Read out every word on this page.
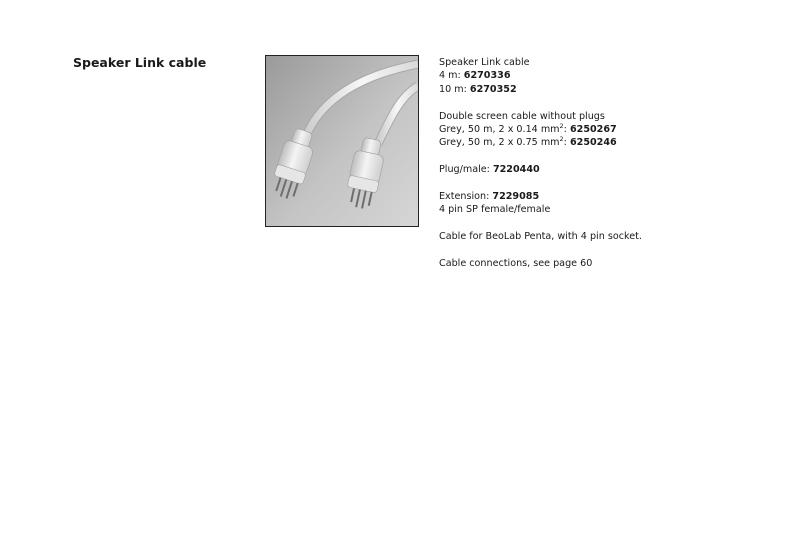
Speaker Link cable	Speaker Link cable
4 m: 6270336
10 m: 6270352

Double screen cable without plugs
Grey, 50 m, 2 x 0.14 $mm^2$: 6250267
Grey, 50 m, 2 x 0.75 $mm^2$: 6250246

Plug/male: 7220440

Extension: 7229085
4 pin SP female/female

Cable for BeoLab Penta, with 4 pin socket.

Cable connections, see page 60
